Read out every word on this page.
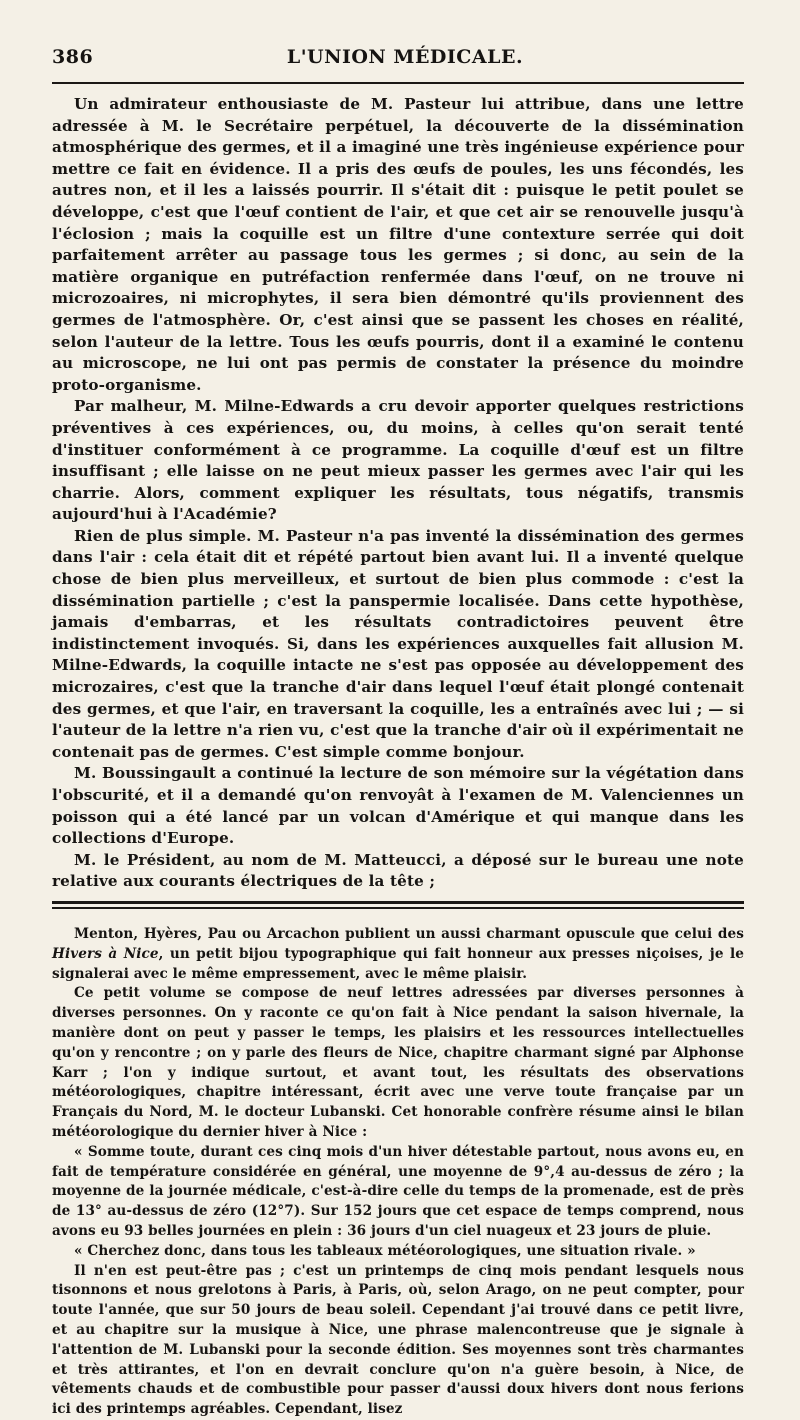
386	L'UNION MÉDICALE.

Un admirateur enthousiaste de M. Pasteur lui attribue, dans une lettre adressée à M. le Secrétaire perpétuel, la découverte de la dissémination atmosphérique des germes, et il a imaginé une très ingénieuse expérience pour mettre ce fait en évidence. Il a pris des œufs de poules, les uns fécondés, les autres non, et il les a laissés pourrir. Il s'était dit : puisque le petit poulet se développe, c'est que l'œuf contient de l'air, et que cet air se renouvelle jusqu'à l'éclosion ; mais la coquille est un filtre d'une contexture serrée qui doit parfaitement arrêter au passage tous les germes ; si donc, au sein de la matière organique en putréfaction renfermée dans l'œuf, on ne trouve ni microzoaires, ni microphytes, il sera bien démontré qu'ils proviennent des germes de l'atmosphère. Or, c'est ainsi que se passent les choses en réalité, selon l'auteur de la lettre. Tous les œufs pourris, dont il a examiné le contenu au microscope, ne lui ont pas permis de constater la présence du moindre proto-organisme.

Par malheur, M. Milne-Edwards a cru devoir apporter quelques restrictions préventives à ces expériences, ou, du moins, à celles qu'on serait tenté d'instituer conformément à ce programme. La coquille d'œuf est un filtre insuffisant ; elle laisse on ne peut mieux passer les germes avec l'air qui les charrie. Alors, comment expliquer les résultats, tous négatifs, transmis aujourd'hui à l'Académie?

Rien de plus simple. M. Pasteur n'a pas inventé la dissémination des germes dans l'air : cela était dit et répété partout bien avant lui. Il a inventé quelque chose de bien plus merveilleux, et surtout de bien plus commode : c'est la dissémination partielle ; c'est la panspermie localisée. Dans cette hypothèse, jamais d'embarras, et les résultats contradictoires peuvent être indistinctement invoqués. Si, dans les expériences auxquelles fait allusion M. Milne-Edwards, la coquille intacte ne s'est pas opposée au développement des microzaires, c'est que la tranche d'air dans lequel l'œuf était plongé contenait des germes, et que l'air, en traversant la coquille, les a entraînés avec lui ; — si l'auteur de la lettre n'a rien vu, c'est que la tranche d'air où il expérimentait ne contenait pas de germes. C'est simple comme bonjour.

M. Boussingault a continué la lecture de son mémoire sur la végétation dans l'obscurité, et il a demandé qu'on renvoyât à l'examen de M. Valenciennes un poisson qui a été lancé par un volcan d'Amérique et qui manque dans les collections d'Europe.

M. le Président, au nom de M. Matteucci, a déposé sur le bureau une note relative aux courants électriques de la tête ;

Menton, Hyères, Pau ou Arcachon publient un aussi charmant opuscule que celui des Hivers à Nice, un petit bijou typographique qui fait honneur aux presses niçoises, je le signalerai avec le même empressement, avec le même plaisir.

Ce petit volume se compose de neuf lettres adressées par diverses personnes à diverses personnes. On y raconte ce qu'on fait à Nice pendant la saison hivernale, la manière dont on peut y passer le temps, les plaisirs et les ressources intellectuelles qu'on y rencontre ; on y parle des fleurs de Nice, chapitre charmant signé par Alphonse Karr ; l'on y indique surtout, et avant tout, les résultats des observations météorologiques, chapitre intéressant, écrit avec une verve toute française par un Français du Nord, M. le docteur Lubanski. Cet honorable confrère résume ainsi le bilan météorologique du dernier hiver à Nice :

« Somme toute, durant ces cinq mois d'un hiver détestable partout, nous avons eu, en fait de température considérée en général, une moyenne de 9°,4 au-dessus de zéro ; la moyenne de la journée médicale, c'est-à-dire celle du temps de la promenade, est de près de 13° au-dessus de zéro (12°7). Sur 152 jours que cet espace de temps comprend, nous avons eu 93 belles journées en plein : 36 jours d'un ciel nuageux et 23 jours de pluie.

« Cherchez donc, dans tous les tableaux météorologiques, une situation rivale. »

Il n'en est peut-être pas ; c'est un printemps de cinq mois pendant lesquels nous tisonnons et nous grelotons à Paris, à Paris, où, selon Arago, on ne peut compter, pour toute l'année, que sur 50 jours de beau soleil. Cependant j'ai trouvé dans ce petit livre, et au chapitre sur la musique à Nice, une phrase malencontreuse que je signale à l'attention de M. Lubanski pour la seconde édition. Ses moyennes sont très charmantes et très attirantes, et l'on en devrait conclure qu'on n'a guère besoin, à Nice, de vêtements chauds et de combustible pour passer d'aussi doux hivers dont nous ferions ici des printemps agréables. Cependant, lisez
